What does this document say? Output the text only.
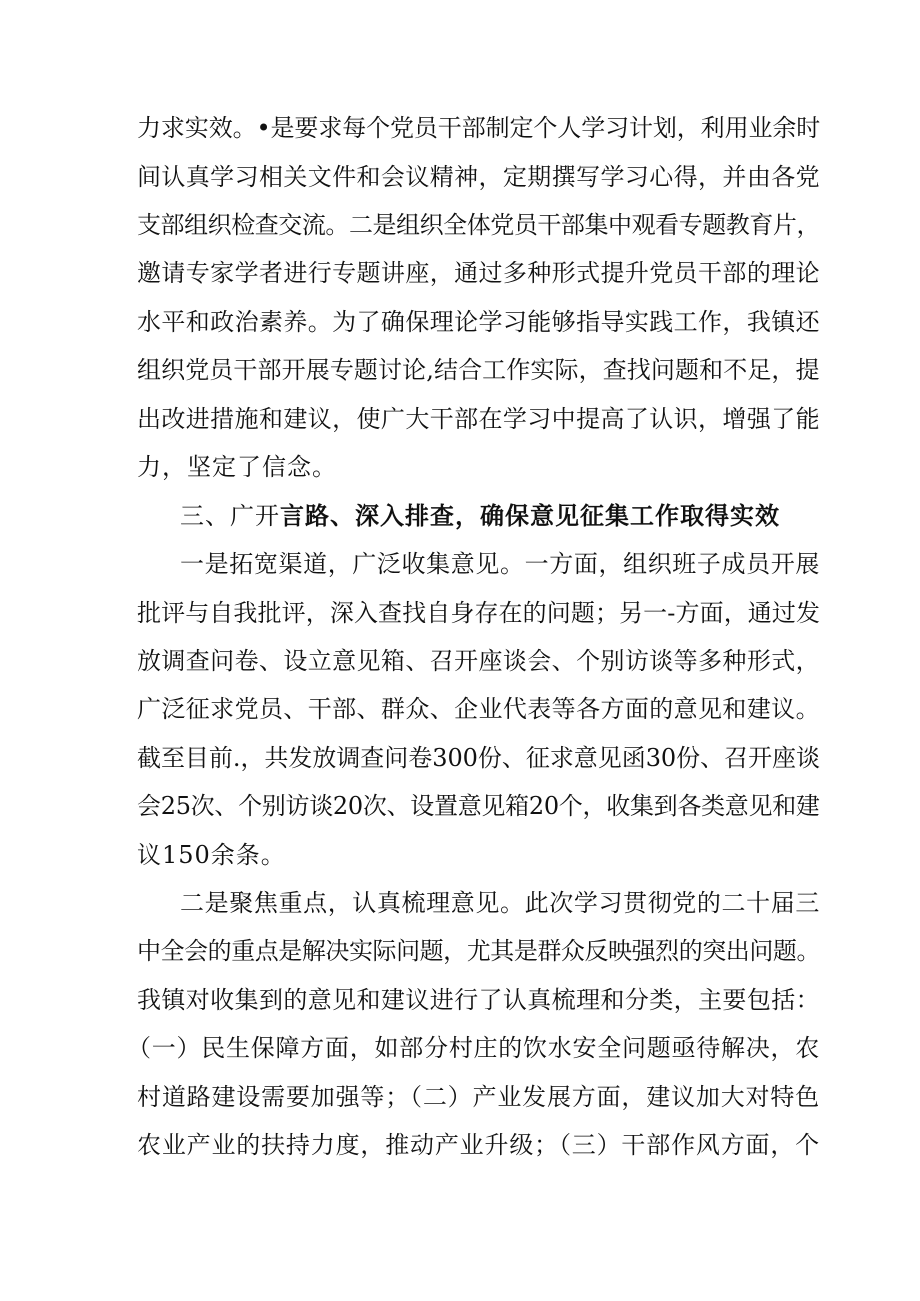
力求实效。•是要求每个党员干部制定个人学习计划，利用业余时
间认真学习相关文件和会议精神，定期撰写学习心得，并由各党
支部组织检查交流。二是组织全体党员干部集中观看专题教育片，
邀请专家学者进行专题讲座，通过多种形式提升党员干部的理论
水平和政治素养。为了确保理论学习能够指导实践工作，我镇还
组织党员干部开展专题讨论,结合工作实际，查找问题和不足，提
出改进措施和建议，使广大干部在学习中提高了认识，增强了能
力，坚定了信念。
三、广开言路、深入排查，确保意见征集工作取得实效
一是拓宽渠道，广泛收集意见。一方面，组织班子成员开展
批评与自我批评，深入查找自身存在的问题；另一-方面，通过发
放调查问卷、设立意见箱、召开座谈会、个别访谈等多种形式，
广泛征求党员、干部、群众、企业代表等各方面的意见和建议。
截至目前.，共发放调查问卷300份、征求意见函30份、召开座谈
会25次、个别访谈20次、设置意见箱20个，收集到各类意见和建
议150余条。
二是聚焦重点，认真梳理意见。此次学习贯彻党的二十届三
中全会的重点是解决实际问题，尤其是群众反映强烈的突出问题。
我镇对收集到的意见和建议进行了认真梳理和分类，主要包括：
（一）民生保障方面，如部分村庄的饮水安全问题亟待解决，农
村道路建设需要加强等；（二）产业发展方面，建议加大对特色
农业产业的扶持力度，推动产业升级；（三）干部作风方面，个
